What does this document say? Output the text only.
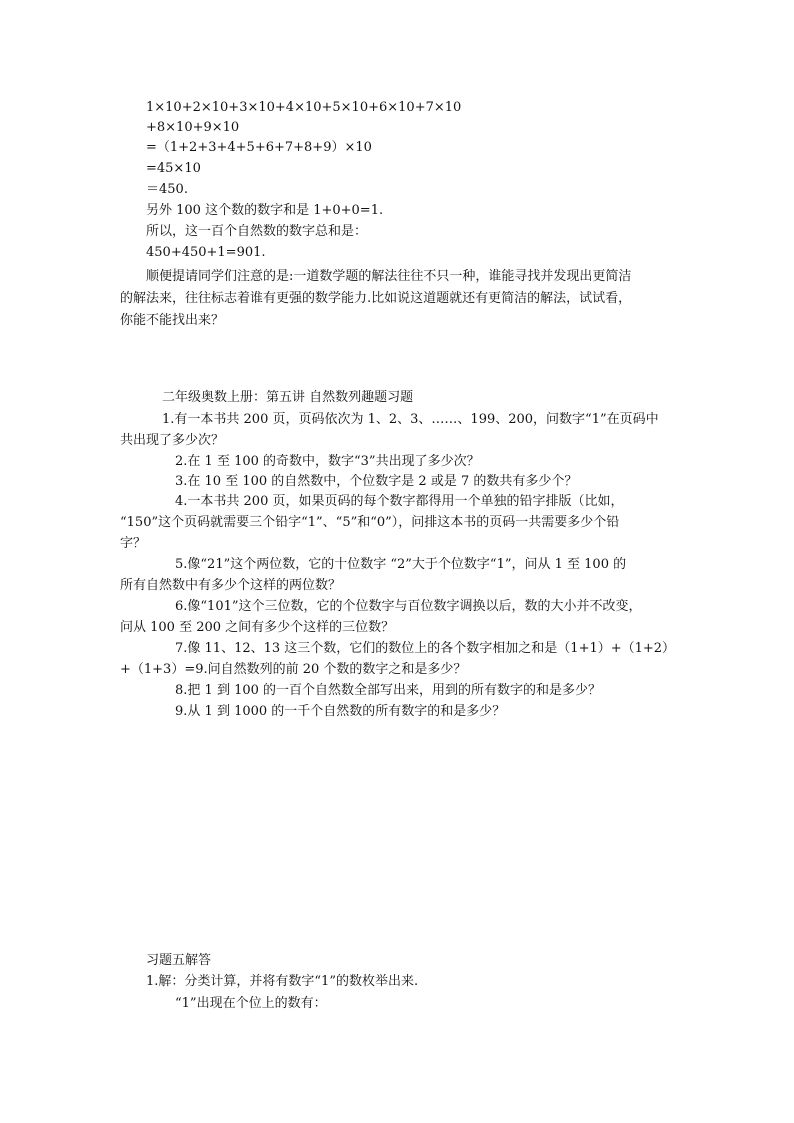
1×10+2×10+3×10+4×10+5×10+6×10+7×10

+8×10+9×10

=（1+2+3+4+5+6+7+8+9）×10

=45×10

＝450.

另外 100 这个数的数字和是 1+0+0=1.

所以，这一百个自然数的数字总和是：

450+450+1=901.

顺便提请同学们注意的是:一道数学题的解法往往不只一种，谁能寻找并发现出更简洁

的解法来，往往标志着谁有更强的数学能力.比如说这道题就还有更简洁的解法，试试看，

你能不能找出来？

二年级奥数上册：第五讲 自然数列趣题习题

1.有一本书共 200 页，页码依次为 1、2、3、……、199、200，问数字“1”在页码中

共出现了多少次？

2.在 1 至 100 的奇数中，数字“3”共出现了多少次？

3.在 10 至 100 的自然数中，个位数字是 2 或是 7 的数共有多少个？

4.一本书共 200 页，如果页码的每个数字都得用一个单独的铅字排版（比如，

“150”这个页码就需要三个铅字“1”、“5”和“0”），问排这本书的页码一共需要多少个铅

字？

5.像“21”这个两位数，它的十位数字 “2”大于个位数字“1”，问从 1 至 100 的

所有自然数中有多少个这样的两位数？

6.像“101”这个三位数，它的个位数字与百位数字调换以后，数的大小并不改变，

问从 100 至 200 之间有多少个这样的三位数？

7.像 11、12、13 这三个数，它们的数位上的各个数字相加之和是（1+1）+（1+2）

+（1+3）=9.问自然数列的前 20 个数的数字之和是多少？

8.把 1 到 100 的一百个自然数全部写出来，用到的所有数字的和是多少？

9.从 1 到 1000 的一千个自然数的所有数字的和是多少？

习题五解答

1.解：分类计算，并将有数字“1”的数枚举出来.

“1”出现在个位上的数有：
